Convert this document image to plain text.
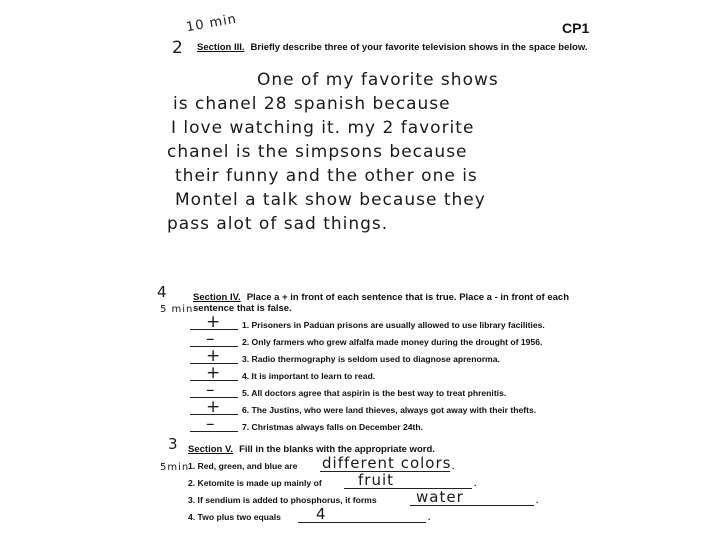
CP1
10 min
2 Section III. Briefly describe three of your favorite television shows in the space below.
One of my favorite shows
is chanel 28 spanish because
I love watching it. my 2 favorite
chanel is the simpsons because
their funny and the other one is
Montel a talk show because they
pass alot of sad things.
4
5 min
Section IV. Place a + in front of each sentence that is true. Place a - in front of each sentence that is false.
+ 1. Prisoners in Paduan prisons are usually allowed to use library facilities.
–	2. Only farmers who grew alfalfa made money during the drought of 1956.
+ 3. Radio thermography is seldom used to diagnose aprenorma.
+ 4. It is important to learn to read.
–	5. All doctors agree that aspirin is the best way to treat phrenitis.
+ 6. The Justins, who were land thieves, always got away with their thefts.
–	7. Christmas always falls on December 24th.
3
5min
Section V. Fill in the blanks with the appropriate word.
1. Red, green, and blue are different colors .
2. Ketomite is made up mainly of fruit	.
3. If sendium is added to phosphorus, it forms	water	.
4. Two plus two equals 4	.
